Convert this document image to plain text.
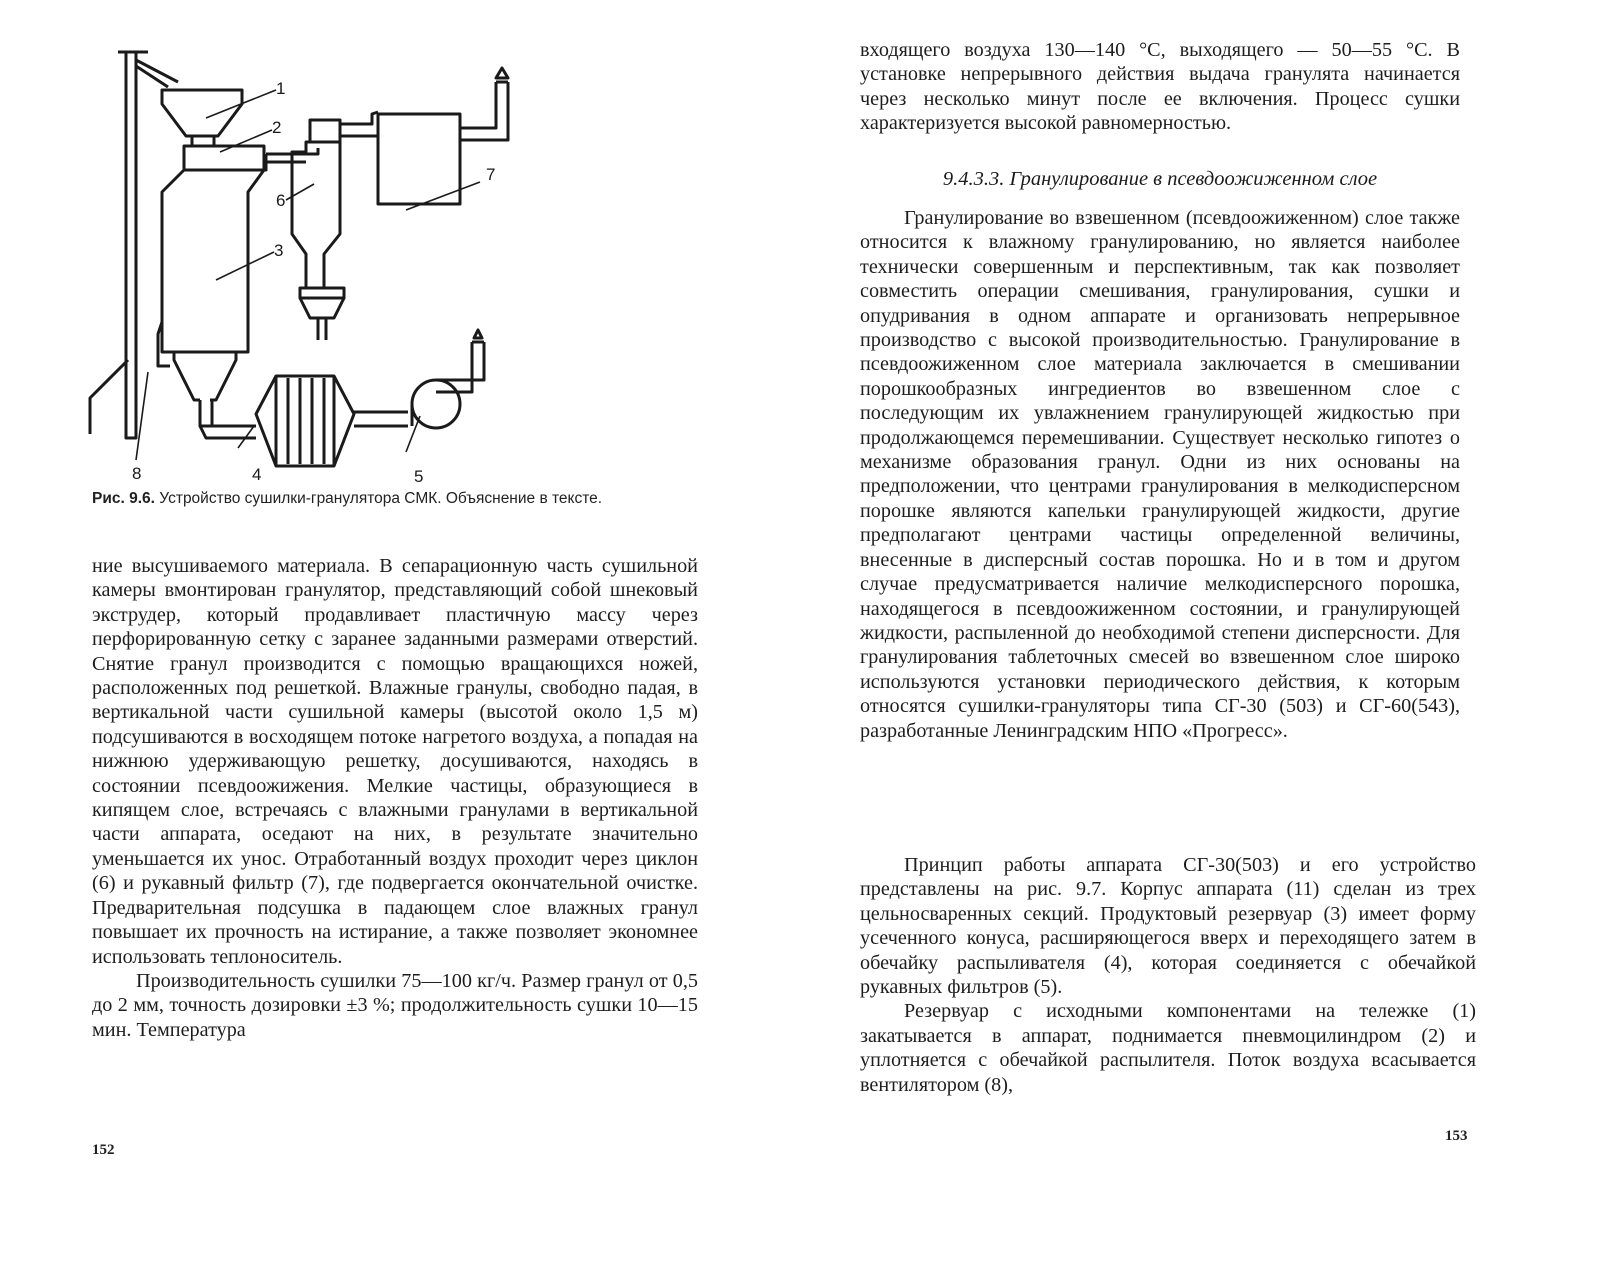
1
2
3
4	5
6
7
8
Рис. 9.6. Устройство сушилки-гранулятора СМК. Объяснение в тексте.

ние высушиваемого материала. В сепарационную часть сушильной камеры вмонтирован гранулятор, представляющий собой шнековый экструдер, который продавливает пластичную массу через перфорированную сетку с заранее заданными размерами отверстий. Снятие гранул производится с помощью вращающихся ножей, расположенных под решеткой. Влажные гранулы, свободно падая, в вертикальной части сушильной камеры (высотой около 1,5 м) подсушиваются в восходящем потоке нагретого воздуха, а попадая на нижнюю удерживающую решетку, досушиваются, находясь в состоянии псевдоожижения. Мелкие частицы, образующиеся в кипящем слое, встречаясь с влажными гранулами в вертикальной части аппарата, оседают на них, в результате значительно уменьшается их унос. Отработанный воздух проходит через циклон (6) и рукавный фильтр (7), где подвергается окончательной очистке. Предварительная подсушка в падающем слое влажных гранул повышает их прочность на истирание, а также позволяет экономнее использовать теплоноситель.

Производительность сушилки 75—100 кг/ч. Размер гранул от 0,5 до 2 мм, точность дозировки ±3 %; продолжительность сушки 10—15 мин. Температура

152

входящего воздуха 130—140 °C, выходящего — 50—55 °C. В установке непрерывного действия выдача гранулята начинается через несколько минут после ее включения. Процесс сушки характеризуется высокой равномерностью.

9.4.3.3. Гранулирование в псевдоожиженном слое

Гранулирование во взвешенном (псевдоожиженном) слое также относится к влажному гранулированию, но является наиболее технически совершенным и перспективным, так как позволяет совместить операции смешивания, гранулирования, сушки и опудривания в одном аппарате и организовать непрерывное производство с высокой производительностью. Гранулирование в псевдоожиженном слое материала заключается в смешивании порошкообразных ингредиентов во взвешенном слое с последующим их увлажнением гранулирующей жидкостью при продолжающемся перемешивании. Существует несколько гипотез о механизме образования гранул. Одни из них основаны на предположении, что центрами гранулирования в мелкодисперсном порошке являются капельки гранулирующей жидкости, другие предполагают центрами частицы определенной величины, внесенные в дисперсный состав порошка. Но и в том и другом случае предусматривается наличие мелкодисперсного порошка, находящегося в псевдоожиженном состоянии, и гранулирующей жидкости, распыленной до необходимой степени дисперсности. Для гранулирования таблеточных смесей во взвешенном слое широко используются установки периодического действия, к которым относятся сушилки-грануляторы типа СГ-30 (503) и СГ-60(543), разработанные Ленинградским НПО «Прогресс».

Принцип работы аппарата СГ-30(503) и его устройство представлены на рис. 9.7. Корпус аппарата (11) сделан из трех цельносваренных секций. Продуктовый резервуар (3) имеет форму усеченного конуса, расширяющегося вверх и переходящего затем в обечайку распыливателя (4), которая соединяется с обечайкой рукавных фильтров (5).

Резервуар с исходными компонентами на тележке (1) закатывается в аппарат, поднимается пневмоцилиндром (2) и уплотняется с обечайкой распылителя. Поток воздуха всасывается вентилятором (8),

153
